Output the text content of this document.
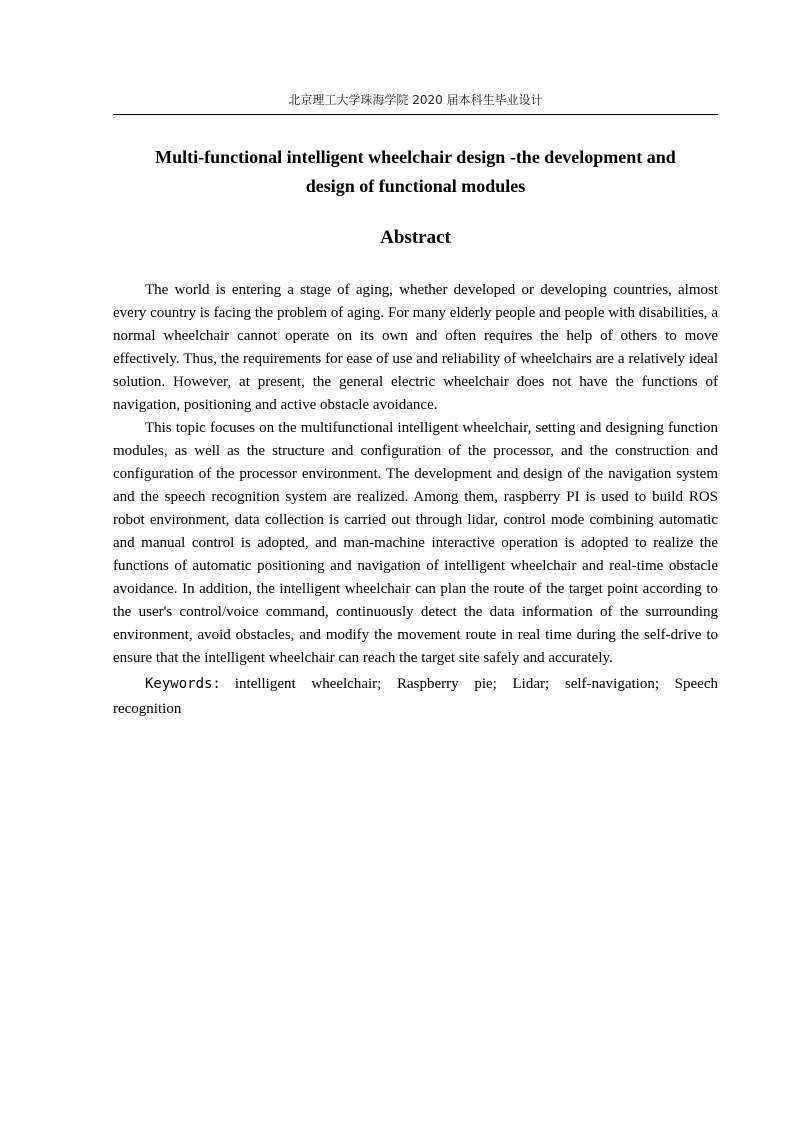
北京理工大学珠海学院 2020 届本科生毕业设计
Multi-functional intelligent wheelchair design -the development and
design of functional modules
Abstract

The world is entering a stage of aging, whether developed or developing countries, almost every country is facing the problem of aging. For many elderly people and people with disabilities, a normal wheelchair cannot operate on its own and often requires the help of others to move effectively. Thus, the requirements for ease of use and reliability of wheelchairs are a relatively ideal solution. However, at present, the general electric wheelchair does not have the functions of navigation, positioning and active obstacle avoidance.

This topic focuses on the multifunctional intelligent wheelchair, setting and designing function modules, as well as the structure and configuration of the processor, and the construction and configuration of the processor environment. The development and design of the navigation system and the speech recognition system are realized. Among them, raspberry PI is used to build ROS robot environment, data collection is carried out through lidar, control mode combining automatic and manual control is adopted, and man-machine interactive operation is adopted to realize the functions of automatic positioning and navigation of intelligent wheelchair and real-time obstacle avoidance. In addition, the intelligent wheelchair can plan the route of the target point according to the user's control/voice command, continuously detect the data information of the surrounding environment, avoid obstacles, and modify the movement route in real time during the self-drive to ensure that the intelligent wheelchair can reach the target site safely and accurately.

Keywords: intelligent wheelchair; Raspberry pie; Lidar; self-navigation; Speech recognition
